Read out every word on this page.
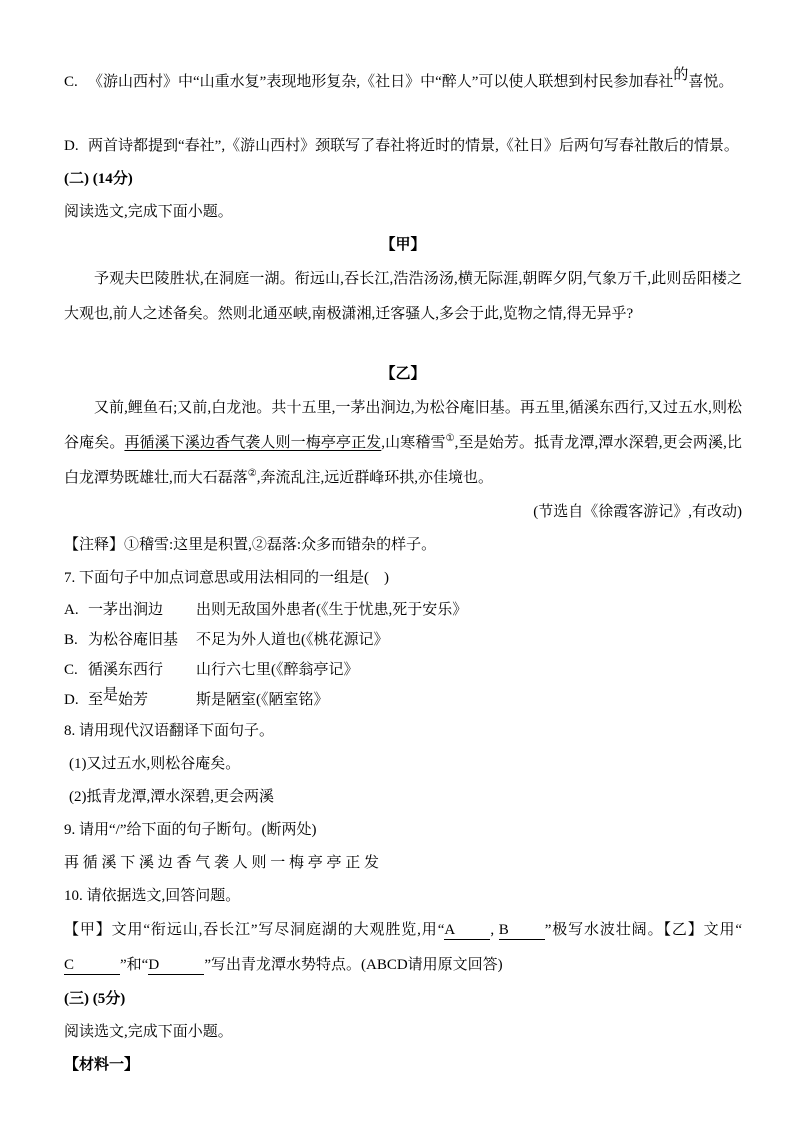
C. 《游山西村》中“山重水复”表现地形复杂,《社日》中“醉人”可以使人联想到村民参加春社的喜悦。
D. 两首诗都提到“春社”,《游山西村》颈联写了春社将近时的情景,《社日》后两句写春社散后的情景。
(二) (14分)
阅读选文,完成下面小题。
【甲】
予观夫巴陵胜状,在洞庭一湖。衔远山,吞长江,浩浩汤汤,横无际涯,朝晖夕阴,气象万千,此则岳阳楼之大观也,前人之述备矣。然则北通巫峡,南极潇湘,迁客骚人,多会于此,览物之情,得无异乎?
【乙】
又前,鲤鱼石;又前,白龙池。共十五里,一茅出涧边,为松谷庵旧基。再五里,循溪东西行,又过五水,则松谷庵矣。再循溪下溪边香气袭人则一梅亭亭正发,山寒稽雪①,至是始芳。抵青龙潭,潭水深碧,更会两溪,比白龙潭势既雄壮,而大石磊落②,奔流乱注,远近群峰环拱,亦佳境也。
(节选自《徐霞客游记》,有改动)
【注释】①稽雪:这里是积置,②磊落:众多而错杂的样子。
7. 下面句子中加点词意思或用法相同的一组是(    )
A. 一茅出涧边	出则无敌国外患者(《生于忧患,死于安乐》
B. 为松谷庵旧基	不足为外人道也(《桃花源记》
C. 循溪东西行	山行六七里(《醉翁亭记》
D. 至是始芳	斯是陋室(《陋室铭》
8. 请用现代汉语翻译下面句子。
(1)又过五水,则松谷庵矣。
(2)抵青龙潭,潭水深碧,更会两溪
9. 请用“/”给下面的句子断句。(断两处)
再 循 溪 下 溪 边 香 气 袭 人 则 一 梅 亭 亭 正 发
10. 请依据选文,回答问题。
【甲】文用“衔远山,吞长江”写尽洞庭湖的大观胜览,用“A , B ”极写水波壮阔。【乙】文用“C	”和“D	”写出青龙潭水势特点。(ABCD请用原文回答)
(三) (5分)
阅读选文,完成下面小题。
【材料一】
